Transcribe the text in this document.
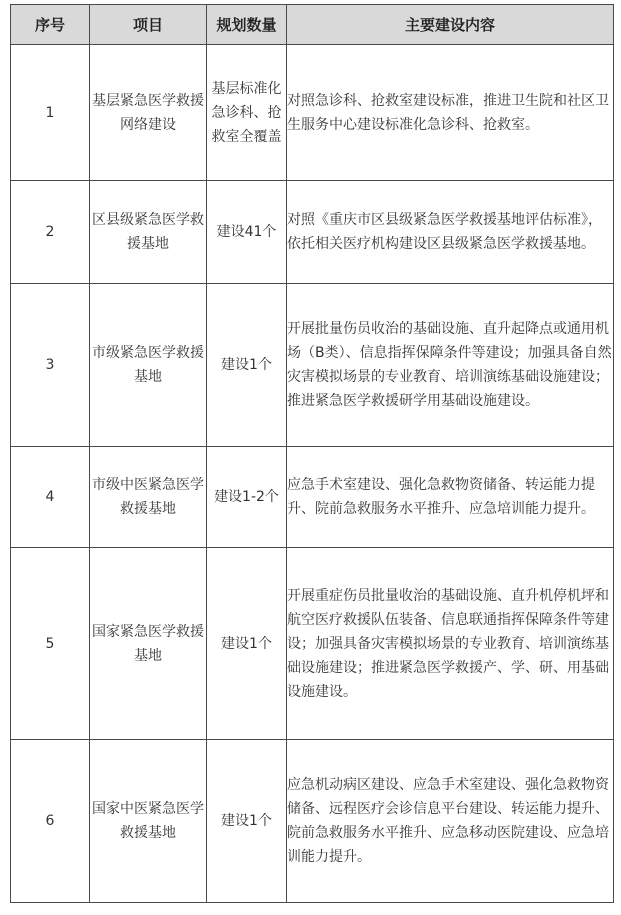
序号	项目	规划数量	主要建设内容
1	基层紧急医学救援网络建设	基层标准化急诊科、抢救室全覆盖	对照急诊科、抢救室建设标准，推进卫生院和社区卫生服务中心建设标准化急诊科、抢救室。
2	区县级紧急医学救援基地	建设41个	对照《重庆市区县级紧急医学救援基地评估标准》，依托相关医疗机构建设区县级紧急医学救援基地。
3	市级紧急医学救援基地	建设1个	开展批量伤员收治的基础设施、直升起降点或通用机场（B类）、信息指挥保障条件等建设；加强具备自然灾害模拟场景的专业教育、培训演练基础设施建设；推进紧急医学救援研学用基础设施建设。
4	市级中医紧急医学救援基地	建设1-2个	应急手术室建设、强化急救物资储备、转运能力提升、院前急救服务水平推升、应急培训能力提升。
5	国家紧急医学救援基地	建设1个	开展重症伤员批量收治的基础设施、直升机停机坪和航空医疗救援队伍装备、信息联通指挥保障条件等建设；加强具备灾害模拟场景的专业教育、培训演练基础设施建设；推进紧急医学救援产、学、研、用基础设施建设。
6	国家中医紧急医学救援基地	建设1个	应急机动病区建设、应急手术室建设、强化急救物资储备、远程医疗会诊信息平台建设、转运能力提升、院前急救服务水平推升、应急移动医院建设、应急培训能力提升。
